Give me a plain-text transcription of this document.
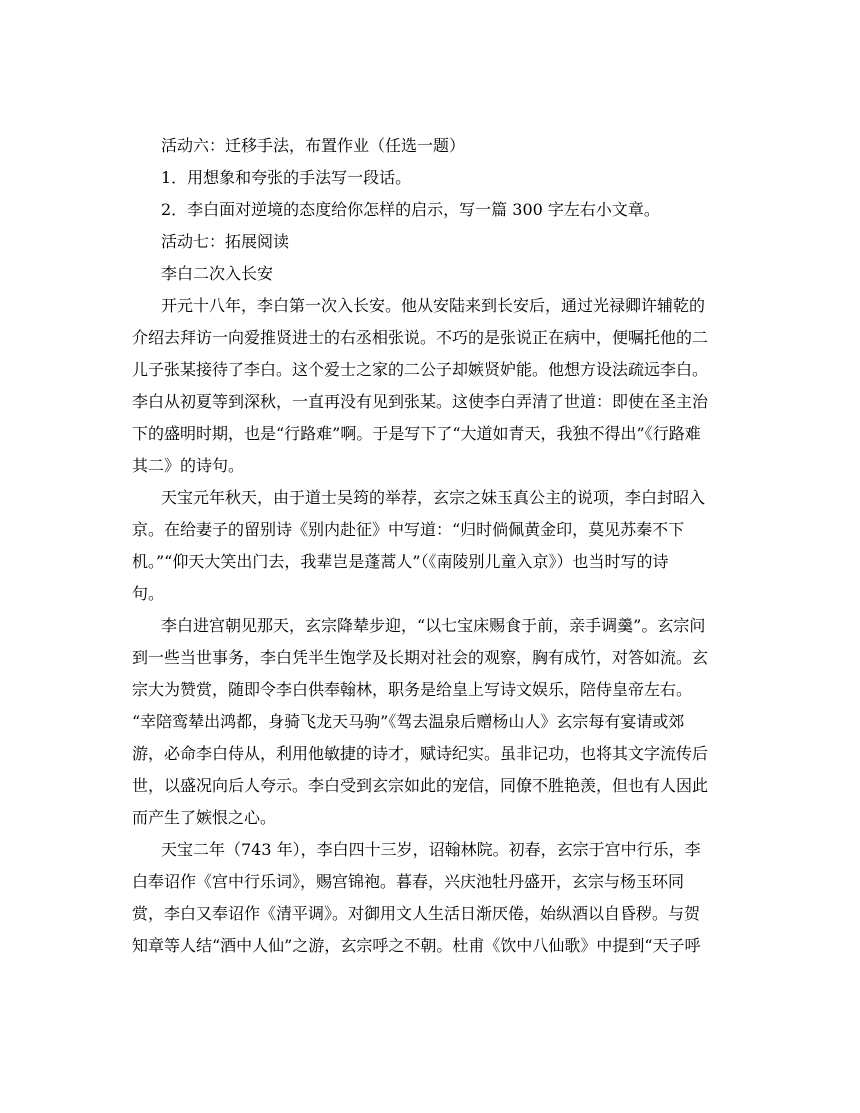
活动六：迁移手法，布置作业（任选一题）

1．用想象和夸张的手法写一段话。

2．李白面对逆境的态度给你怎样的启示，写一篇 300 字左右小文章。

活动七：拓展阅读

李白二次入长安

开元十八年，李白第一次入长安。他从安陆来到长安后，通过光禄卿许辅乾的

介绍去拜访一向爱推贤进士的右丞相张说。不巧的是张说正在病中，便嘱托他的二

儿子张某接待了李白。这个爱士之家的二公子却嫉贤妒能。他想方设法疏远李白。

李白从初夏等到深秋，一直再没有见到张某。这使李白弄清了世道：即使在圣主治

下的盛明时期，也是“行路难”啊。于是写下了“大道如青天，我独不得出”《行路难

其二》的诗句。

天宝元年秋天，由于道士吴筠的举荐，玄宗之妹玉真公主的说项，李白封昭入

京。在给妻子的留别诗《别内赴征》中写道：“归时倘佩黄金印，莫见苏秦不下

机。”“仰天大笑出门去，我辈岂是蓬蒿人”（《南陵别儿童入京》）也当时写的诗

句。

李白进宫朝见那天，玄宗降辇步迎，“以七宝床赐食于前，亲手调羹”。玄宗问

到一些当世事务，李白凭半生饱学及长期对社会的观察，胸有成竹，对答如流。玄

宗大为赞赏，随即令李白供奉翰林，职务是给皇上写诗文娱乐，陪侍皇帝左右。

“幸陪鸾辇出鸿都，身骑飞龙天马驹”《驾去温泉后赠杨山人》玄宗每有宴请或郊

游，必命李白侍从，利用他敏捷的诗才，赋诗纪实。虽非记功，也将其文字流传后

世，以盛况向后人夸示。李白受到玄宗如此的宠信，同僚不胜艳羡，但也有人因此

而产生了嫉恨之心。

天宝二年（743 年），李白四十三岁，诏翰林院。初春，玄宗于宫中行乐，李

白奉诏作《宫中行乐词》，赐宫锦袍。暮春，兴庆池牡丹盛开，玄宗与杨玉环同

赏，李白又奉诏作《清平调》。对御用文人生活日渐厌倦，始纵酒以自昏秽。与贺

知章等人结“酒中人仙”之游，玄宗呼之不朝。杜甫《饮中八仙歌》中提到“天子呼
